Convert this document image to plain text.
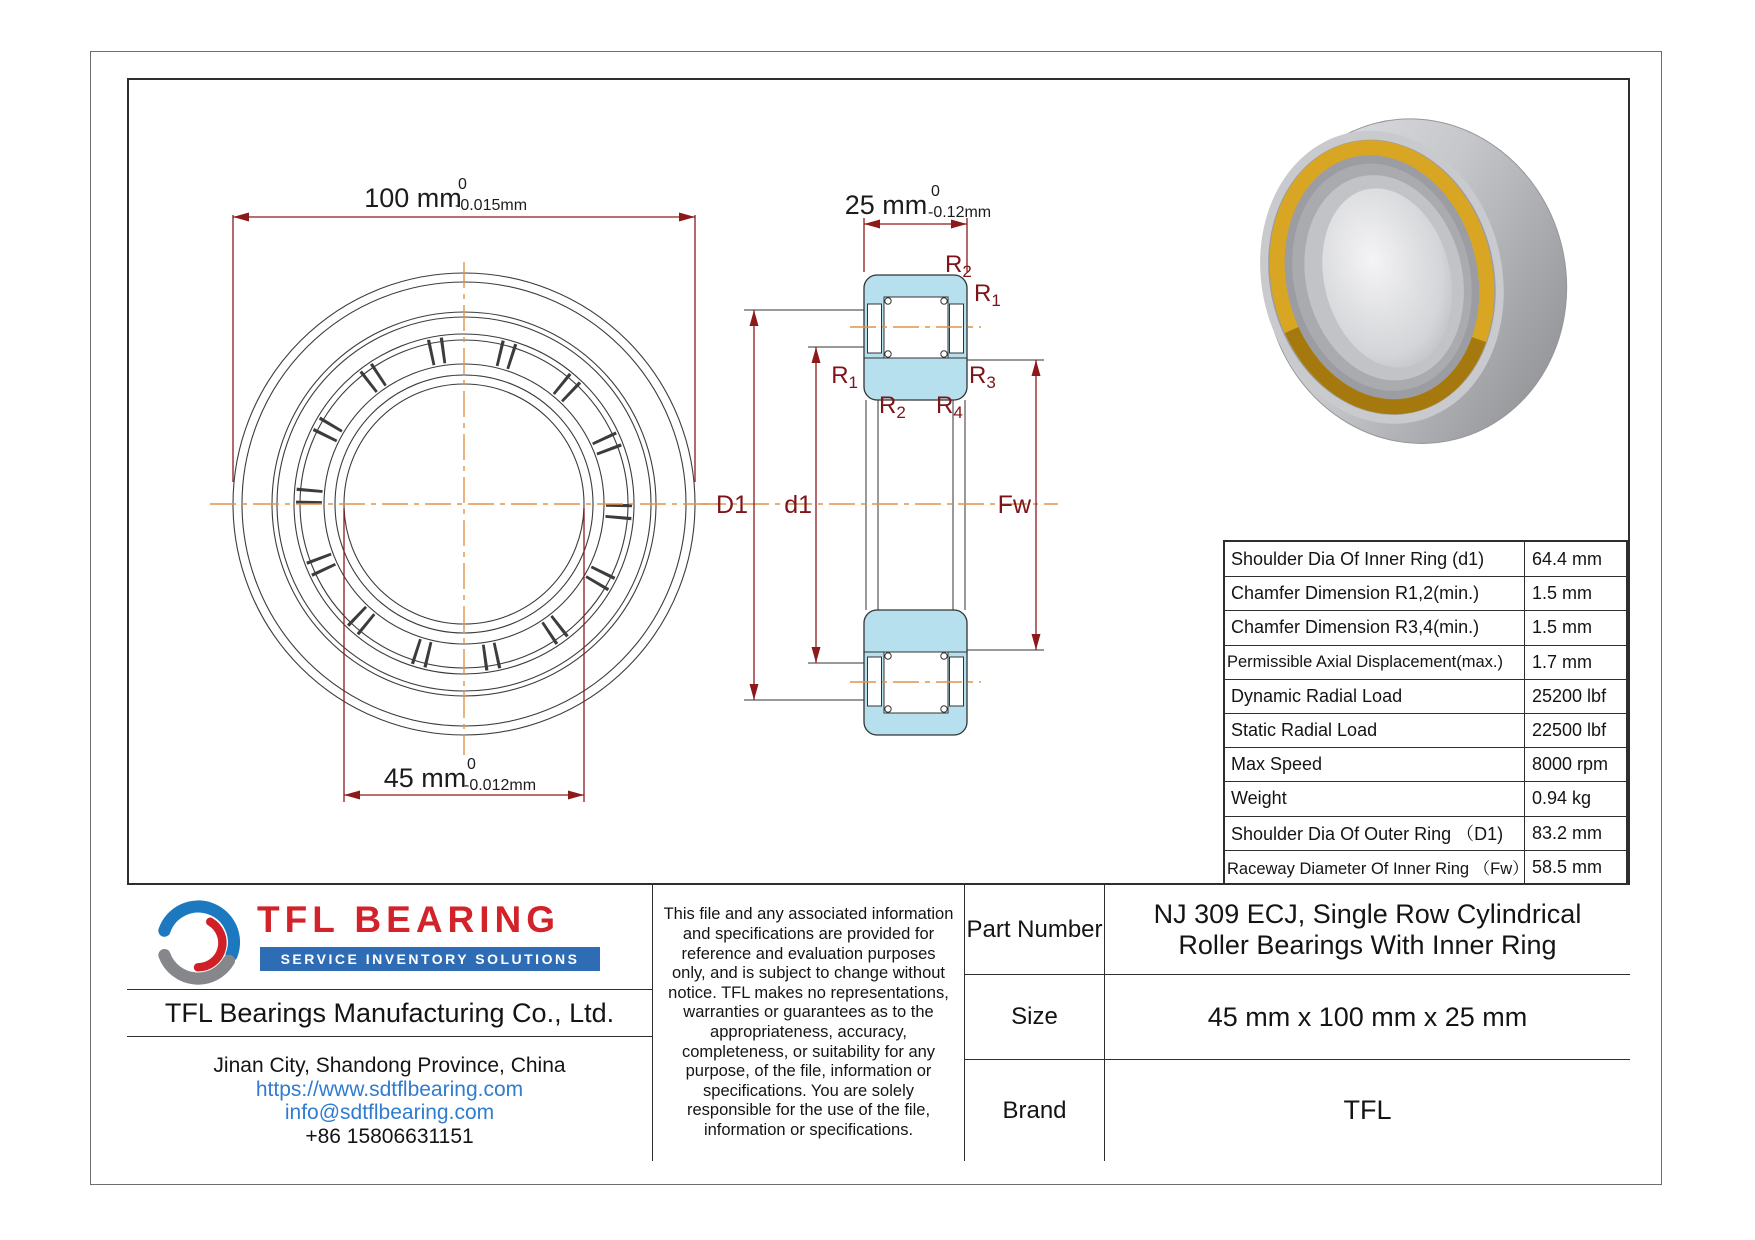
100 mm
0
-0.015mm
45 mm 0
-0.012mm
25 mm 0
-0.12mm
D1 d1	Fw
$R_2$
$R_1$
$R_1$	$R_3$
$R_2$ $R_4$
Shoulder Dia Of Inner Ring (d1)	64.4 mm
Chamfer Dimension R1,2(min.)	1.5 mm
Chamfer Dimension R3,4(min.)	1.5 mm
Permissible Axial Displacement(max.)	1.7 mm
Dynamic Radial Load	25200 lbf
Static Radial Load	22500 lbf
Max Speed	8000 rpm
Weight	0.94 kg
Shoulder Dia Of Outer Ring （D1)	83.2 mm
Raceway Diameter Of Inner Ring （Fw） 58.5 mm
TFL BEARING
SERVICE INVENTORY SOLUTIONS
TFL Bearings Manufacturing Co., Ltd.
Jinan City, Shandong Province, China
https://www.sdtflbearing.com
info@sdtflbearing.com
+86 15806631151
This file and any associated information and specifications are provided for reference and evaluation purposes only, and is subject to change without notice. TFL makes no representations, warranties or guarantees as to the appropriateness, accuracy, completeness, or suitability for any purpose, of the file, information or specifications. You are solely responsible for the use of the file, information or specifications.
Part Number
NJ 309 ECJ, Single Row Cylindrical Roller Bearings With Inner Ring
Size	45 mm x 100 mm x 25 mm
Brand	TFL
